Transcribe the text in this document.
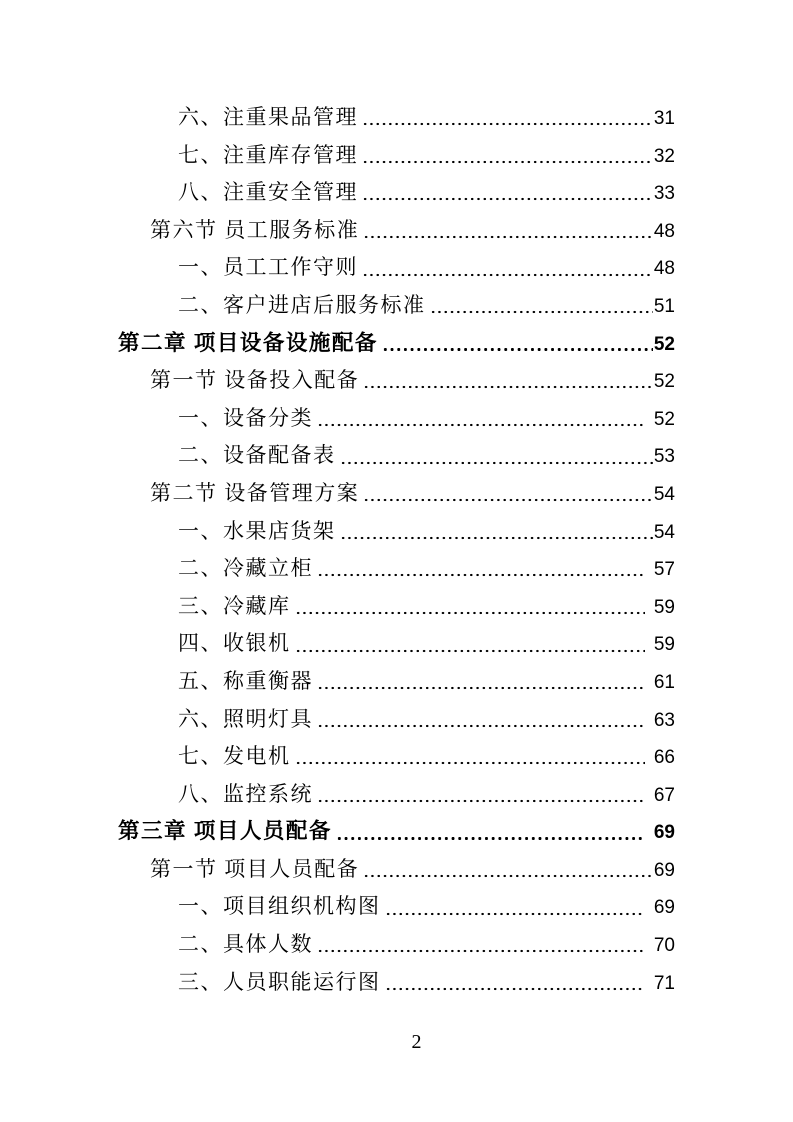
六、注重果品管理	31
七、注重库存管理	32
八、注重安全管理	33
第六节 员工服务标准	48
一、员工工作守则	48
二、客户进店后服务标准	51
第二章 项目设备设施配备	52
第一节 设备投入配备	52
一、设备分类	52
二、设备配备表	53
第二节 设备管理方案	54
一、水果店货架	54
二、冷藏立柜	57
三、冷藏库	59
四、收银机	59
五、称重衡器	61
六、照明灯具	63
七、发电机	66
八、监控系统	67
第三章 项目人员配备	69
第一节 项目人员配备	69
一、项目组织机构图	69
二、具体人数	70
三、人员职能运行图	71
2
